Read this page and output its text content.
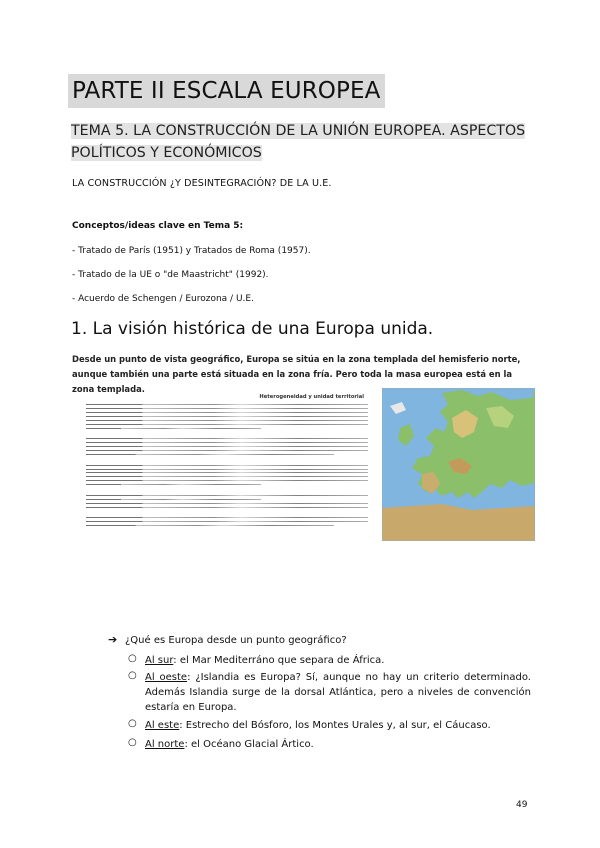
PARTE II ESCALA EUROPEA
TEMA 5. LA CONSTRUCCIÓN DE LA UNIÓN EUROPEA. ASPECTOS POLÍTICOS Y ECONÓMICOS
LA CONSTRUCCIÓN ¿Y DESINTEGRACIÓN? DE LA U.E.
Conceptos/ideas clave en Tema 5:
- Tratado de París (1951) y Tratados de Roma (1957).
- Tratado de la UE o "de Maastricht" (1992).
- Acuerdo de Schengen / Eurozona / U.E.
1. La visión histórica de una Europa unida.
Desde un punto de vista geográfico, Europa se sitúa en la zona templada del hemisferio norte, aunque también una parte está situada en la zona fría. Pero toda la masa europea está en la zona templada.
Heterogeneidad y unidad territorial
➔ ¿Qué es Europa desde un punto geográfico?
○ Al sur: el Mar Mediterráno que separa de África.
○ Al oeste: ¿Islandia es Europa? Sí, aunque no hay un criterio determinado. Además Islandia surge de la dorsal Atlántica, pero a niveles de convención estaría en Europa.
○ Al este: Estrecho del Bósforo, los Montes Urales y, al sur, el Cáucaso.
○ Al norte: el Océano Glacial Ártico.
49
